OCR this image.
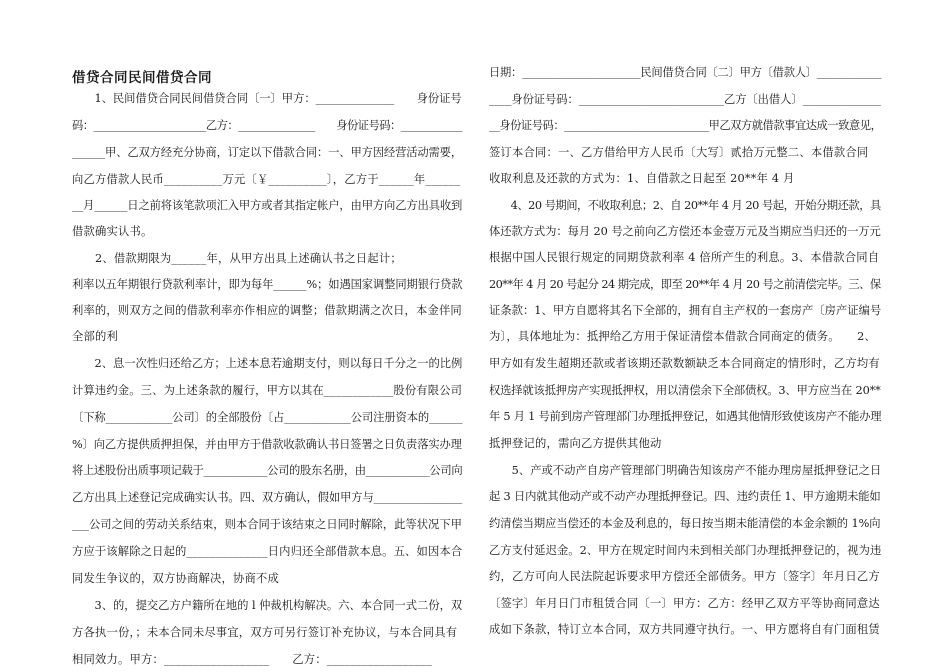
借贷合同民间借贷合同
　　1、民间借贷合同民间借贷合同〔一〕甲方：______________　　身份证号
码：______________________乙方：_______________　　身份证号码：____________
______甲、乙双方经充分协商，订定以下借款合同：一、甲方因经营活动需要，
向乙方借款人民币__________万元〔￥__________〕，乙方于______年______
__月______日之前将该笔款项汇入甲方或者其指定帐户，由甲方向乙方出具收到
借款确实认书。
　　2、借款期限为______年，从甲方出具上述确认书之日起计；
利率以五年期银行贷款利率计，即为每年______%；如遇国家调整同期银行贷款
利率的，则双方之间的借款利率亦作相应的调整；借款期满之次日，本金伴同
全部的利
　　2、息一次性归还给乙方；上述本息若逾期支付，则以每日千分之一的比例
计算违约金。三、为上述条款的履行，甲方以其在____________股份有限公司
〔下称____________公司〕的全部股份〔占____________公司注册资本的______
%〕向乙方提供质押担保，并由甲方于借款收款确认书日签署之日负责落实办理
将上述股份出质事项记载于____________公司的股东名册，由____________公司向
乙方出具上述登记完成确实认书。四、双方确认，假如甲方与________________
___公司之间的劳动关系结束，则本合同于该结束之日同时解除，此等状况下甲
方应于该解除之日起的______________日内归还全部借款本息。五、如因本合
同发生争议的，双方协商解决，协商不成
　　3、的，提交乙方户籍所在地的 l 仲裁机构解决。六、本合同一式二份，双
方各执一份，；未本合同未尽事宜，双方可另行签订补充协议，与本合同具有
相同效力。甲方：__________________　　乙方：__________________
日期：______________________民间借贷合同〔二〕甲方〔借款人〕____________
____身份证号码：__________________________乙方〔出借人〕______________
__身份证号码：____________________________甲乙双方就借款事宜达成一致意见，
签订本合同：一、乙方借给甲方人民币〔大写〕贰拾万元整二、本借款合同
收取利息及还款的方式为：1、自借款之日起至 20**年 4 月
　　4、20 号期间，不收取利息；2、自 20**年 4 月 20 号起，开始分期还款，具
体还款方式为：每月 20 号之前向乙方偿还本金壹万元及当期应当归还的一万元
根据中国人民银行规定的同期贷款利率 4 倍所产生的利息。3、本借款合同自
20**年 4 月 20 号起分 24 期完成，即至 20**年 4 月 20 号之前清偿完毕。三、保
证条款：1、甲方自愿将其名下全部的，拥有自主产权的一套房产〔房产证编号
为〕，具体地址为：抵押给乙方用于保证清偿本借款合同商定的债务。　　2、
甲方如有发生超期还款或者该期还款数额缺乏本合同商定的情形时，乙方均有
权选择就该抵押房产实现抵押权，用以清偿余下全部债权。3、甲方应当在 20**
年 5 月 1 号前到房产管理部门办理抵押登记，如遇其他情形致使该房产不能办理
抵押登记的，需向乙方提供其他动
　　5、产或不动产自房产管理部门明确告知该房产不能办理房屋抵押登记之日
起 3 日内就其他动产或不动产办理抵押登记。四、违约责任 1、甲方逾期未能如
约清偿当期应当偿还的本金及利息的，每日按当期未能清偿的本金余额的 1%向
乙方支付延迟金。2、甲方在规定时间内未到相关部门办理抵押登记的，视为违
约，乙方可向人民法院起诉要求甲方偿还全部债务。甲方〔签字〕年月日乙方
〔签字〕年月日门市租赁合同〔一〕甲方：乙方：经甲乙双方平等协商同意达
成如下条款，特订立本合同，双方共同遵守执行。一、甲方愿将自有门面租赁
